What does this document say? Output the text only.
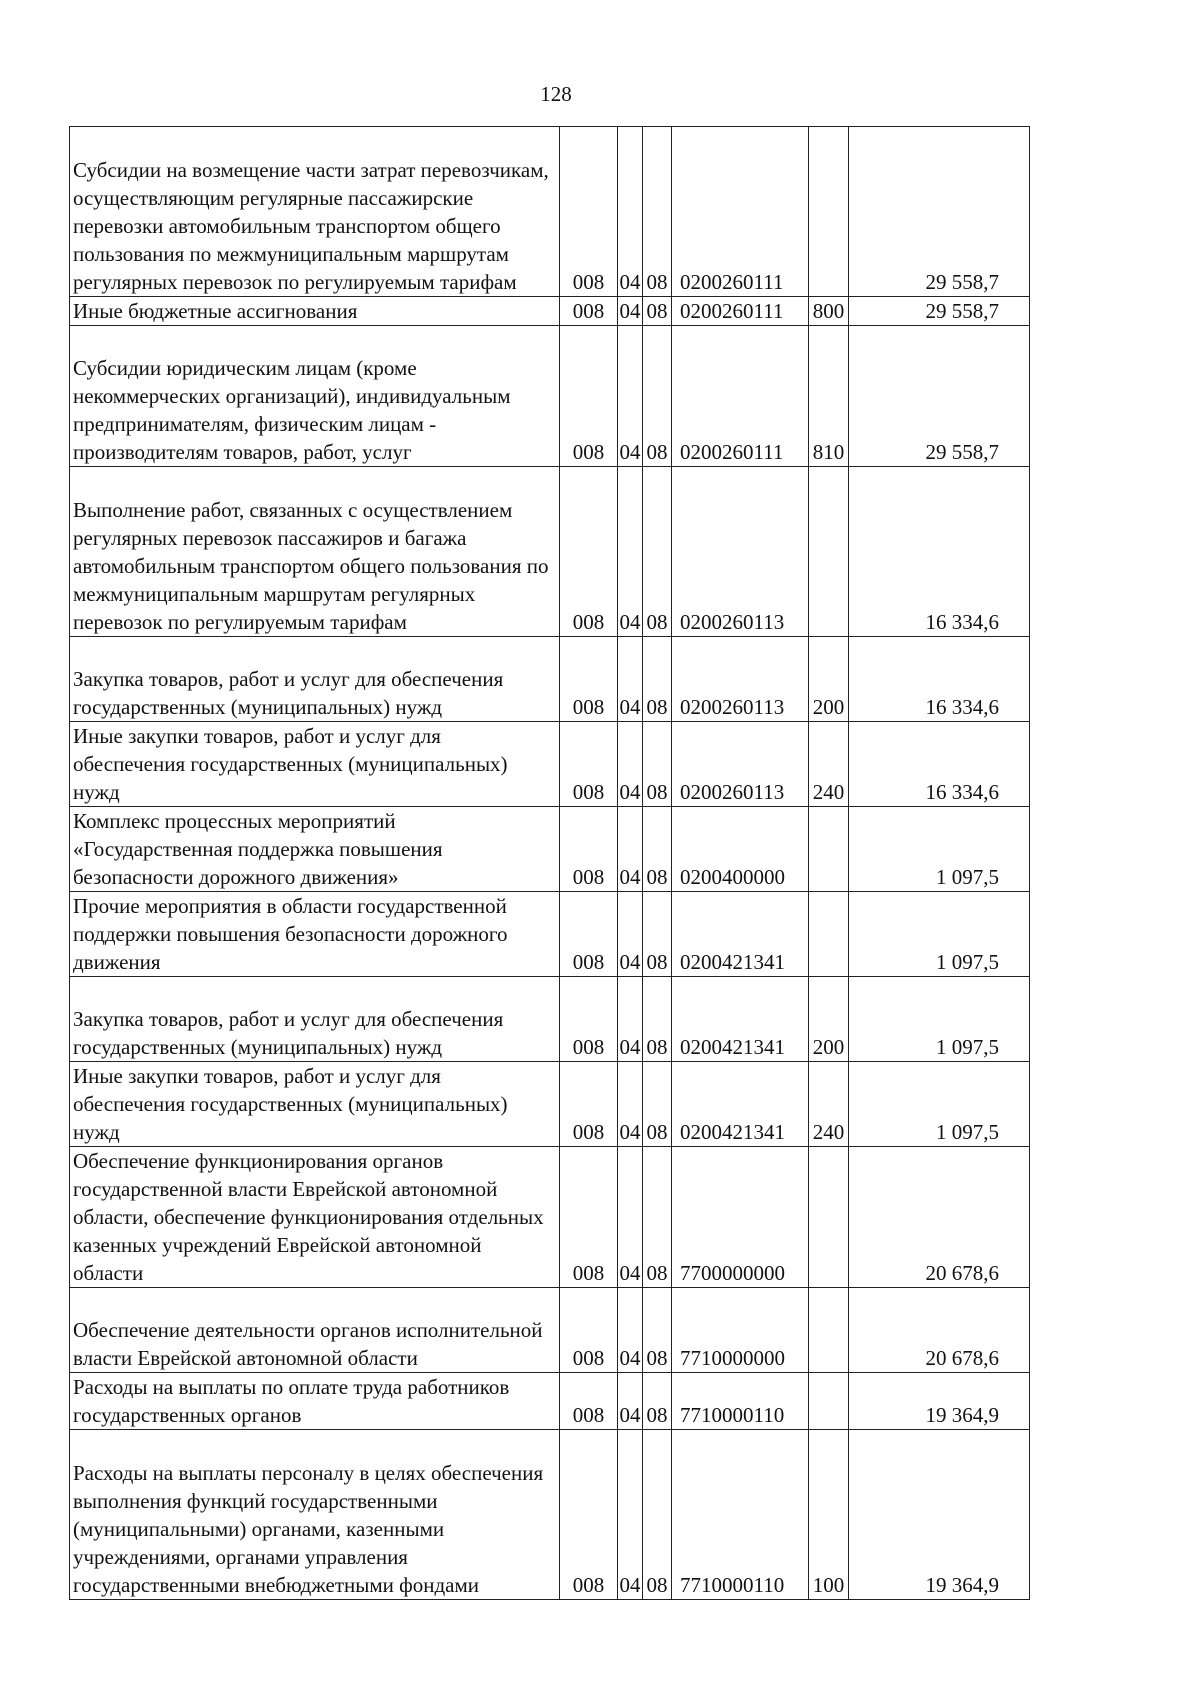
128
Субсидии на возмещение части затрат перевозчикам, осуществляющим регулярные пассажирские перевозки автомобильным транспортом общего пользования по межмуниципальным маршрутам регулярных перевозок по регулируемым тарифам	008	04	08	0200260111		29 558,7
Иные бюджетные ассигнования	008	04	08	0200260111	800	29 558,7
Субсидии юридическим лицам (кроме некоммерческих организаций), индивидуальным предпринимателям, физическим лицам - производителям товаров, работ, услуг	008	04	08	0200260111	810	29 558,7
Выполнение работ, связанных с осуществлением регулярных перевозок пассажиров и багажа автомобильным транспортом общего пользования по межмуниципальным маршрутам регулярных перевозок по регулируемым тарифам	008	04	08	0200260113		16 334,6
Закупка товаров, работ и услуг для обеспечения государственных (муниципальных) нужд	008	04	08	0200260113	200	16 334,6
Иные закупки товаров, работ и услуг для обеспечения государственных (муниципальных) нужд	008	04	08	0200260113	240	16 334,6
Комплекс процессных мероприятий «Государственная поддержка повышения безопасности дорожного движения»	008	04	08	0200400000		1 097,5
Прочие мероприятия в области государственной поддержки повышения безопасности дорожного движения	008	04	08	0200421341		1 097,5
Закупка товаров, работ и услуг для обеспечения государственных (муниципальных) нужд	008	04	08	0200421341	200	1 097,5
Иные закупки товаров, работ и услуг для обеспечения государственных (муниципальных) нужд	008	04	08	0200421341	240	1 097,5
Обеспечение функционирования органов государственной власти Еврейской автономной области, обеспечение функционирования отдельных казенных учреждений Еврейской автономной области	008	04	08	7700000000		20 678,6
Обеспечение деятельности органов исполнительной власти Еврейской автономной области	008	04	08	7710000000		20 678,6
Расходы на выплаты по оплате труда работников государственных органов	008	04	08	7710000110		19 364,9
Расходы на выплаты персоналу в целях обеспечения выполнения функций государственными (муниципальными) органами, казенными учреждениями, органами управления государственными внебюджетными фондами	008	04	08	7710000110	100	19 364,9
